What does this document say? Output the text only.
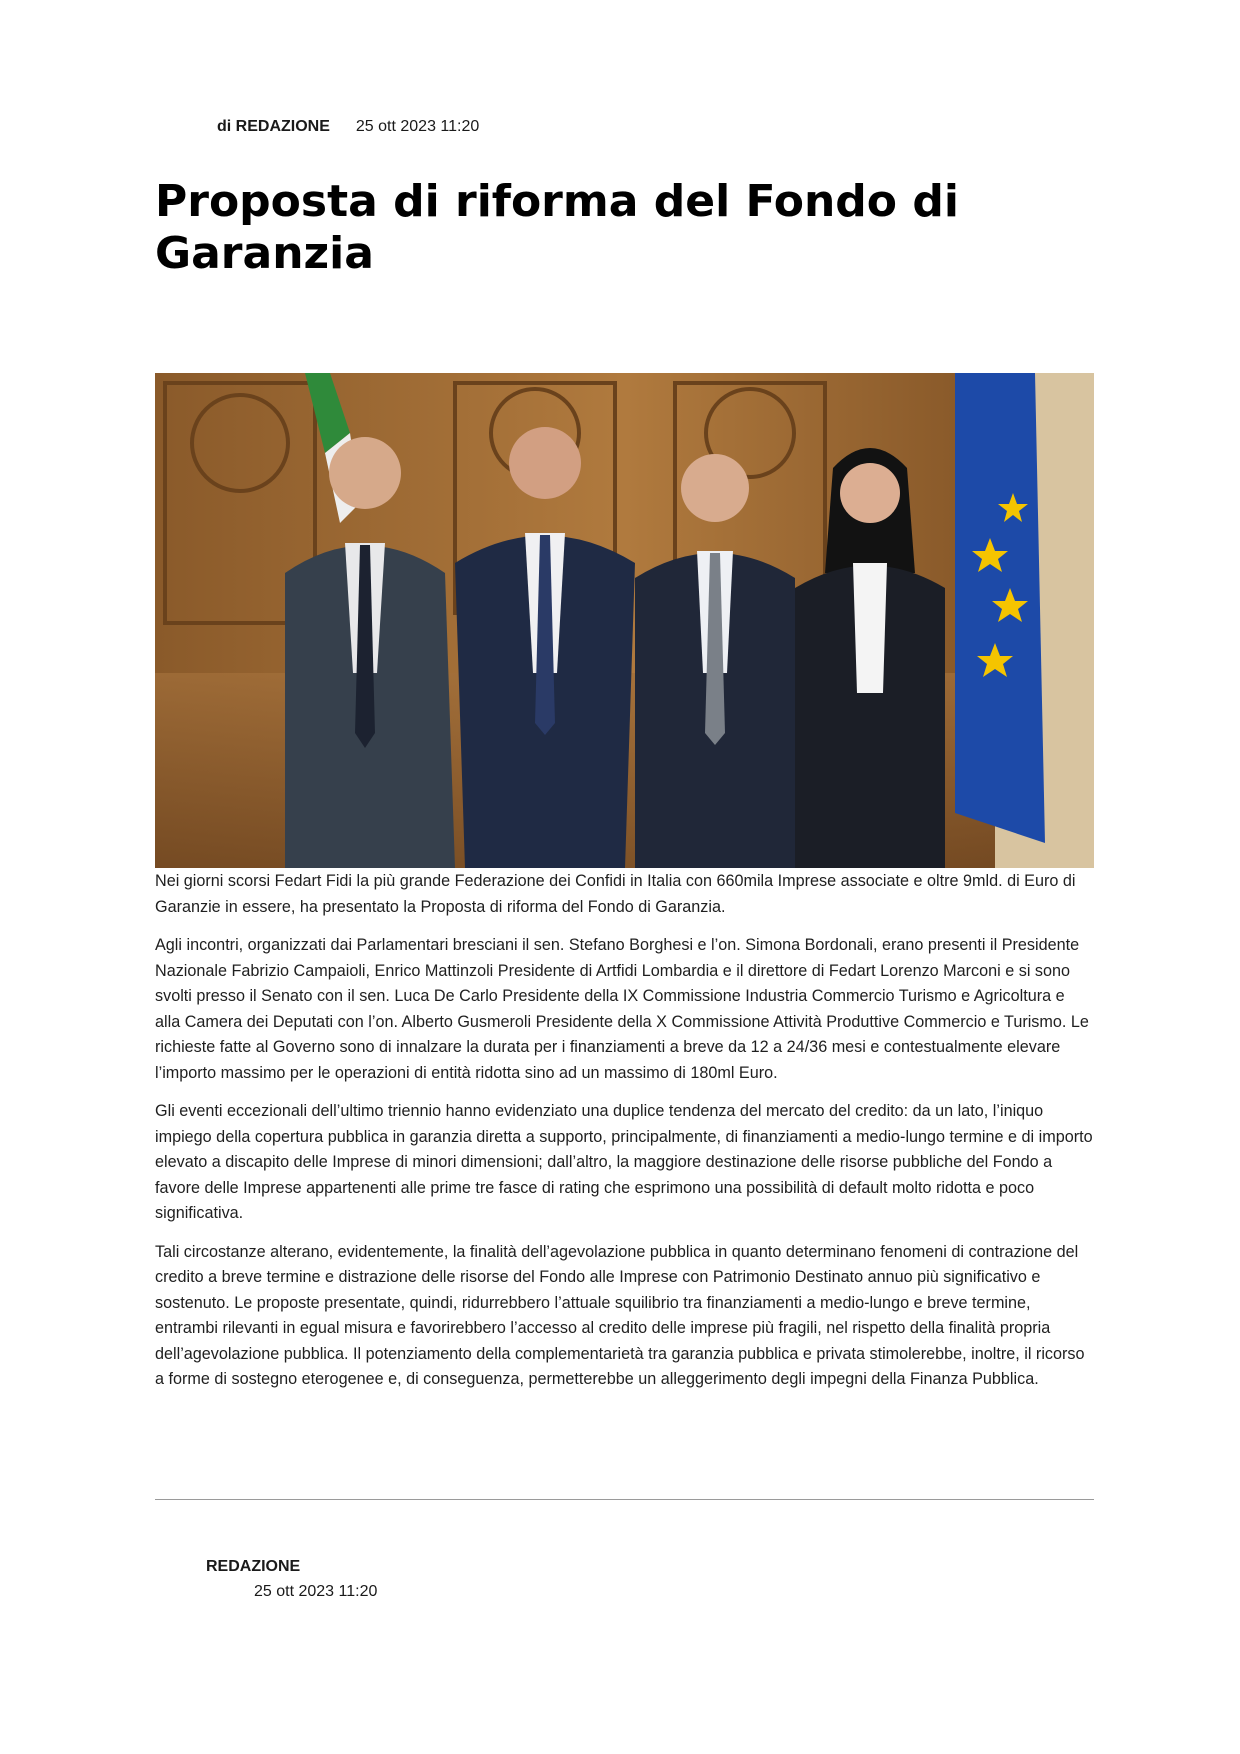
di REDAZIONE 25 ott 2023 11:20
Proposta di riforma del Fondo di Garanzia

Nei giorni scorsi Fedart Fidi la più grande Federazione dei Confidi in Italia con 660mila Imprese associate e oltre 9mld. di Euro di Garanzie in essere, ha presentato la Proposta di riforma del Fondo di Garanzia.

Agli incontri, organizzati dai Parlamentari bresciani il sen. Stefano Borghesi e l’on. Simona Bordonali, erano presenti il Presidente Nazionale Fabrizio Campaioli, Enrico Mattinzoli Presidente di Artfidi Lombardia e il direttore di Fedart Lorenzo Marconi e si sono svolti presso il Senato con il sen. Luca De Carlo Presidente della IX Commissione Industria Commercio Turismo e Agricoltura e alla Camera dei Deputati con l’on. Alberto Gusmeroli Presidente della X Commissione Attività Produttive Commercio e Turismo. Le richieste fatte al Governo sono di innalzare la durata per i finanziamenti a breve da 12 a 24/36 mesi e contestualmente elevare l’importo massimo per le operazioni di entità ridotta sino ad un massimo di 180ml Euro.

Gli eventi eccezionali dell’ultimo triennio hanno evidenziato una duplice tendenza del mercato del credito: da un lato, l’iniquo impiego della copertura pubblica in garanzia diretta a supporto, principalmente, di finanziamenti a medio-lungo termine e di importo elevato a discapito delle Imprese di minori dimensioni; dall’altro, la maggiore destinazione delle risorse pubbliche del Fondo a favore delle Imprese appartenenti alle prime tre fasce di rating che esprimono una possibilità di default molto ridotta e poco significativa.

Tali circostanze alterano, evidentemente, la finalità dell’agevolazione pubblica in quanto determinano fenomeni di contrazione del credito a breve termine e distrazione delle risorse del Fondo alle Imprese con Patrimonio Destinato annuo più significativo e sostenuto. Le proposte presentate, quindi, ridurrebbero l’attuale squilibrio tra finanziamenti a medio-lungo e breve termine, entrambi rilevanti in egual misura e favorirebbero l’accesso al credito delle imprese più fragili, nel rispetto della finalità propria dell’agevolazione pubblica. Il potenziamento della complementarietà tra garanzia pubblica e privata stimolerebbe, inoltre, il ricorso a forme di sostegno eterogenee e, di conseguenza, permetterebbe un alleggerimento degli impegni della Finanza Pubblica.

REDAZIONE
25 ott 2023 11:20
